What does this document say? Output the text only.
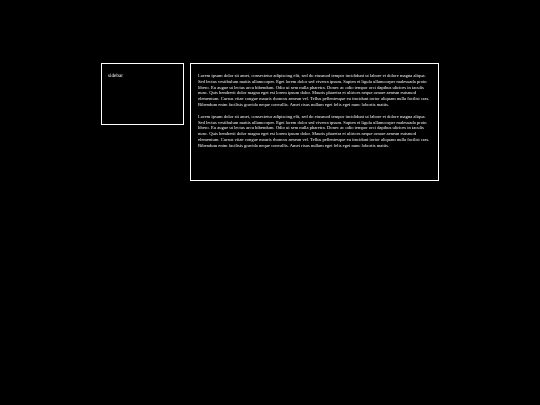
sidebar	Lorem ipsum dolor sit amet, consectetur adipiscing elit, sed do eiusmod tempor incididunt ut labore et dolore magna aliqua. Sed lectus vestibulum mattis ullamcorper. Eget lorem dolor sed viverra ipsum. Sapien et ligula ullamcorper malesuada proin libero. Eu augue ut lectus arcu bibendum. Odio ut sem nulla pharetra. Donec ac odio tempor orci dapibus ultrices in iaculis nunc. Quis hendrerit dolor magna eget est lorem ipsum dolor. Mauris pharetra et ultrices neque ornare aenean euismod elementum. Cursus vitae congue mauris rhoncus aenean vel. Tellus pellentesque eu tincidunt tortor aliquam nulla facilisi cras. Bibendum enim facilisis gravida neque convallis. Amet risus nullam eget felis eget nunc lobortis mattis.

Lorem ipsum dolor sit amet, consectetur adipiscing elit, sed do eiusmod tempor incididunt ut labore et dolore magna aliqua. Sed lectus vestibulum mattis ullamcorper. Eget lorem dolor sed viverra ipsum. Sapien et ligula ullamcorper malesuada proin libero. Eu augue ut lectus arcu bibendum. Odio ut sem nulla pharetra. Donec ac odio tempor orci dapibus ultrices in iaculis nunc. Quis hendrerit dolor magna eget est lorem ipsum dolor. Mauris pharetra et ultrices neque ornare aenean euismod elementum. Cursus vitae congue mauris rhoncus aenean vel. Tellus pellentesque eu tincidunt tortor aliquam nulla facilisi cras. Bibendum enim facilisis gravida neque convallis. Amet risus nullam eget felis eget nunc lobortis mattis.
